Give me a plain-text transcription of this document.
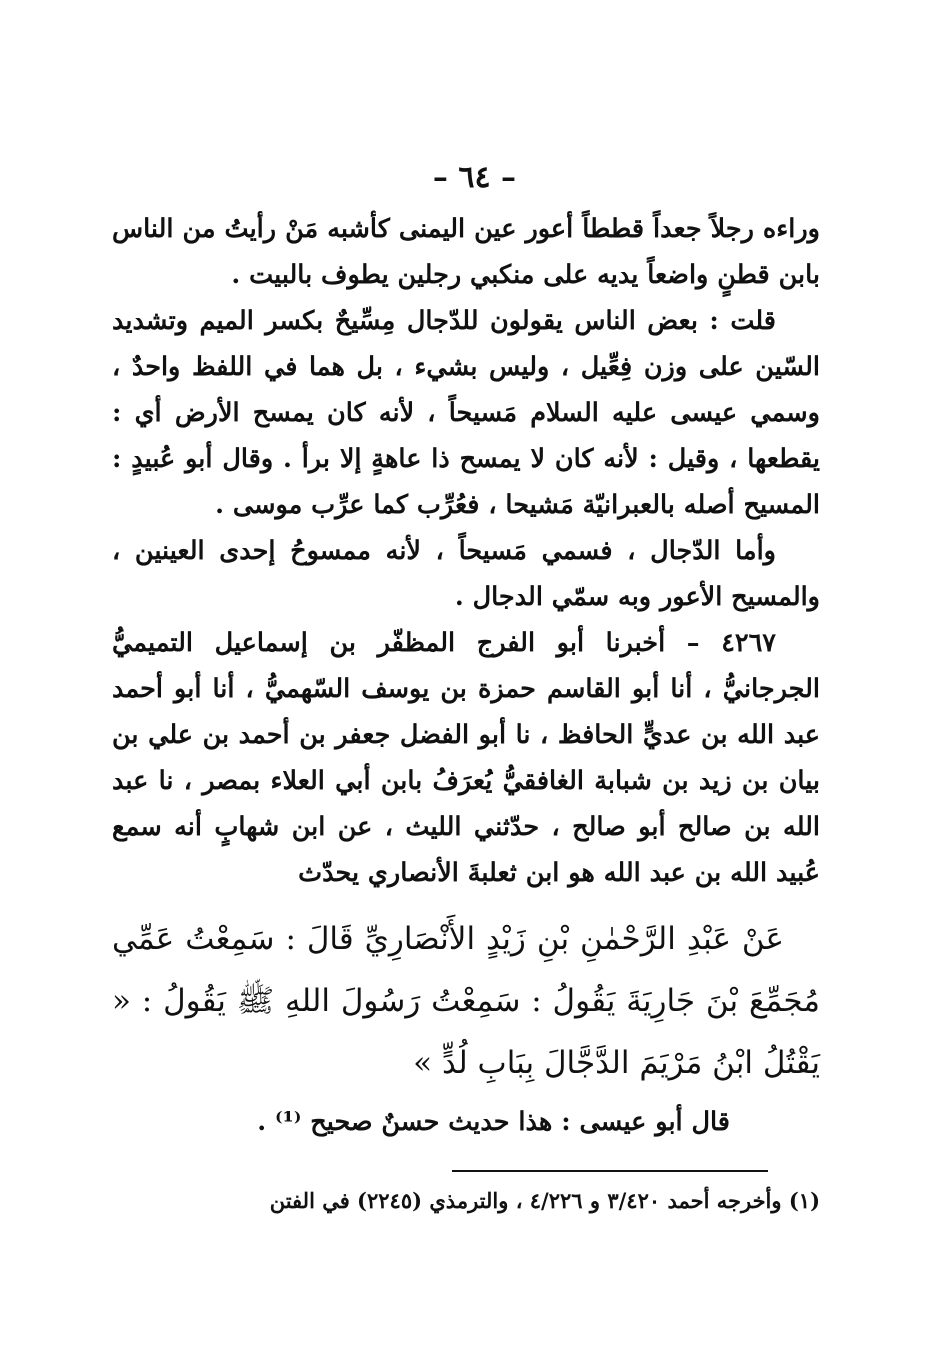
– ٦٤ –

وراءه رجلاً جعداً قططاً أعور عين اليمنى كأشبه مَنْ رأيتُ من الناس بابن قطنٍ واضعاً يديه على منكبي رجلين يطوف بالبيت .

قلت : بعض الناس يقولون للدّجال مِسِّيحٌ بكسر الميم وتشديد السّين على وزن فِعِّيل ، وليس بشيء ، بل هما في اللفظ واحدٌ ، وسمي عيسى عليه السلام مَسيحاً ، لأنه كان يمسح الأرض أي : يقطعها ، وقيل : لأنه كان لا يمسح ذا عاهةٍ إلا برأ . وقال أبو عُبيدٍ : المسيح أصله بالعبرانيّة مَشيحا ، فعُرِّب كما عرِّب موسى .

وأما الدّجال ، فسمي مَسيحاً ، لأنه ممسوحُ إحدى العينين ، والمسيح الأعور وبه سمّي الدجال .

٤٢٦٧ – أخبرنا أبو الفرج المظفّر بن إسماعيل التميميُّ الجرجانيُّ ، أنا أبو القاسم حمزة بن يوسف السّهميُّ ، أنا أبو أحمد عبد الله بن عديٍّ الحافظ ، نا أبو الفضل جعفر بن أحمد بن علي بن بيان بن زيد بن شبابة الغافقيُّ يُعرَفُ بابن أبي العلاء بمصر ، نا عبد الله بن صالح أبو صالح ، حدّثني الليث ، عن ابن شهابٍ أنه سمع عُبيد الله بن عبد الله هو ابن ثعلبةَ الأنصاري يحدّث

عَنْ عَبْدِ الرَّحْمٰنِ بْنِ زَيْدٍ الأَنْصَارِيِّ قَالَ : سَمِعْتُ عَمِّي مُجَمِّعَ بْنَ جَارِيَةَ يَقُولُ : سَمِعْتُ رَسُولَ اللهِ ﷺ يَقُولُ : « يَقْتُلُ ابْنُ مَرْيَمَ الدَّجَّالَ بِبَابِ لُدٍّ »

قال أبو عيسى : هذا حديث حسنٌ صحيح ⁽¹⁾ .

(١) وأخرجه أحمد ٣/٤٢٠ و ٤/٢٢٦ ، والترمذي (٢٢٤٥) في الفتن
